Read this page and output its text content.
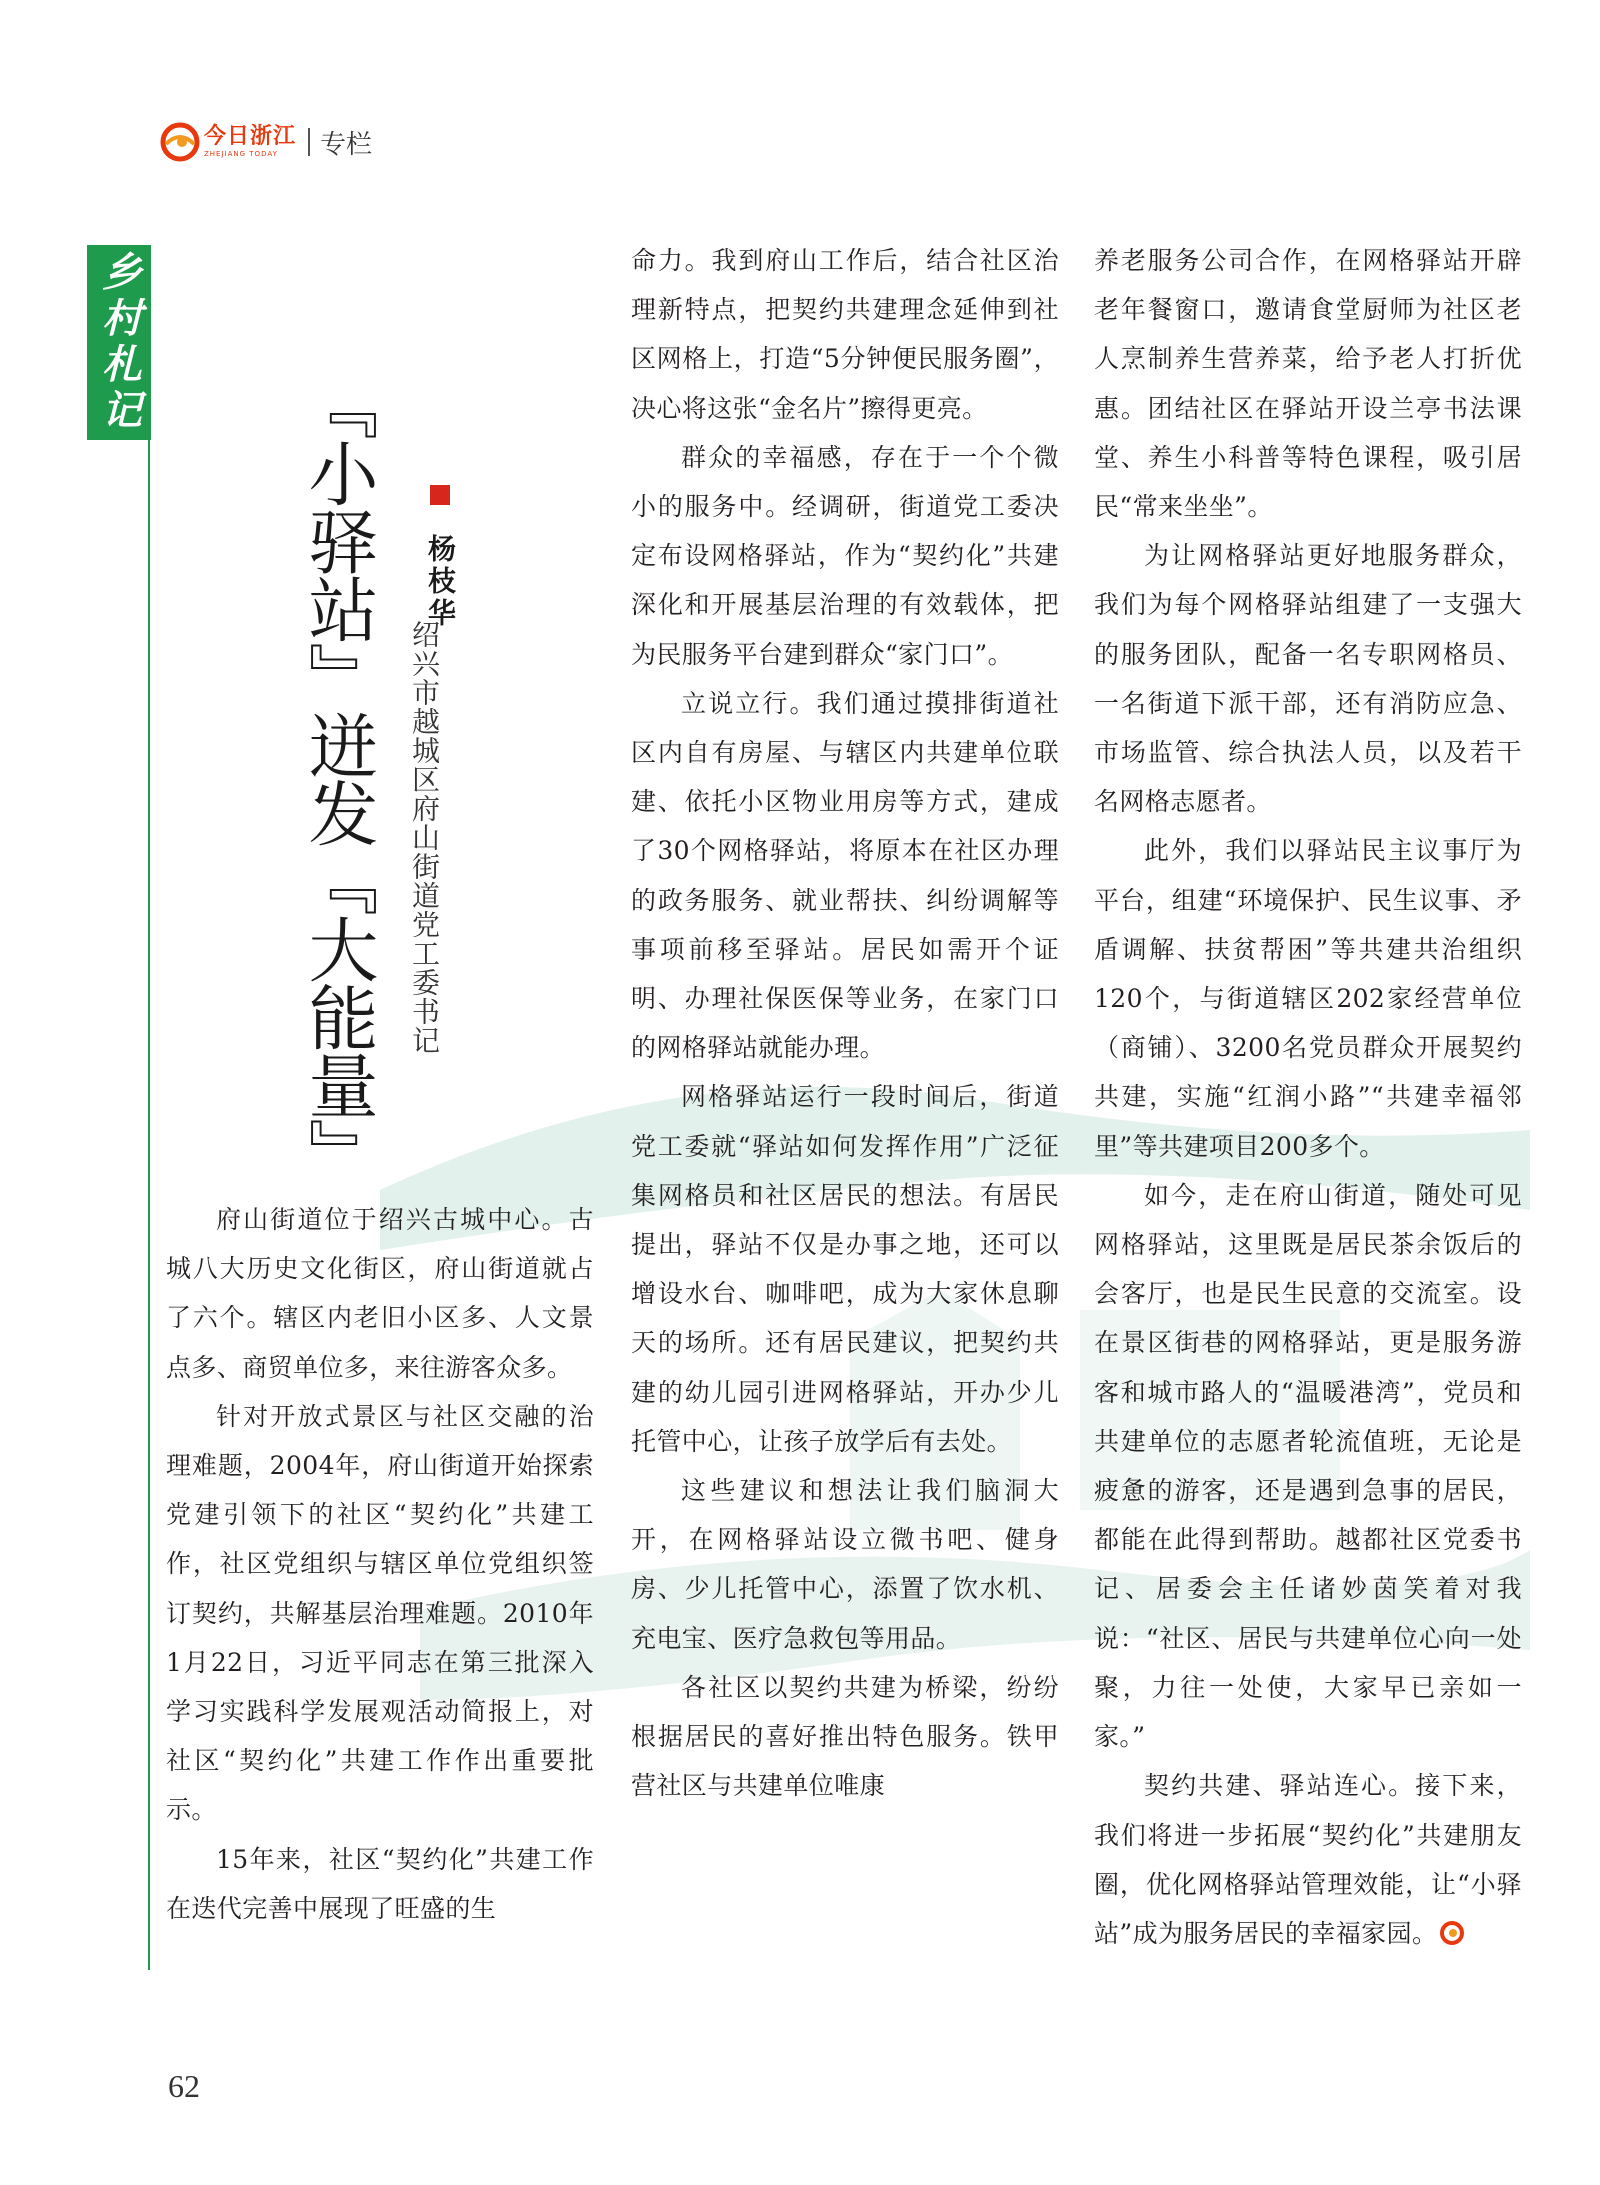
今日浙江
ZHEJIANG TODAY	专栏
乡村札记
『小驿站』迸发『大能量』	杨枝华
绍兴市越城区府山街道党工委书记

府山街道位于绍兴古城中心。古城八大历史文化街区，府山街道就占了六个。辖区内老旧小区多、人文景点多、商贸单位多，来往游客众多。

针对开放式景区与社区交融的治理难题，2004年，府山街道开始探索党建引领下的社区“契约化”共建工作，社区党组织与辖区单位党组织签订契约，共解基层治理难题。2010年1月22日，习近平同志在第三批深入学习实践科学发展观活动简报上，对社区“契约化”共建工作作出重要批示。

15年来，社区“契约化”共建工作在迭代完善中展现了旺盛的生

命力。我到府山工作后，结合社区治理新特点，把契约共建理念延伸到社区网格上，打造“5分钟便民服务圈”，决心将这张“金名片”擦得更亮。

群众的幸福感，存在于一个个微小的服务中。经调研，街道党工委决定布设网格驿站，作为“契约化”共建深化和开展基层治理的有效载体，把为民服务平台建到群众“家门口”。

立说立行。我们通过摸排街道社区内自有房屋、与辖区内共建单位联建、依托小区物业用房等方式，建成了30个网格驿站，将原本在社区办理的政务服务、就业帮扶、纠纷调解等事项前移至驿站。居民如需开个证明、办理社保医保等业务，在家门口的网格驿站就能办理。

网格驿站运行一段时间后，街道党工委就“驿站如何发挥作用”广泛征集网格员和社区居民的想法。有居民提出，驿站不仅是办事之地，还可以增设水台、咖啡吧，成为大家休息聊天的场所。还有居民建议，把契约共建的幼儿园引进网格驿站，开办少儿托管中心，让孩子放学后有去处。

这些建议和想法让我们脑洞大开，在网格驿站设立微书吧、健身房、少儿托管中心，添置了饮水机、充电宝、医疗急救包等用品。

各社区以契约共建为桥梁，纷纷根据居民的喜好推出特色服务。铁甲营社区与共建单位唯康

养老服务公司合作，在网格驿站开辟老年餐窗口，邀请食堂厨师为社区老人烹制养生营养菜，给予老人打折优惠。团结社区在驿站开设兰亭书法课堂、养生小科普等特色课程，吸引居民“常来坐坐”。

为让网格驿站更好地服务群众，我们为每个网格驿站组建了一支强大的服务团队，配备一名专职网格员、一名街道下派干部，还有消防应急、市场监管、综合执法人员，以及若干名网格志愿者。

此外，我们以驿站民主议事厅为平台，组建“环境保护、民生议事、矛盾调解、扶贫帮困”等共建共治组织120个，与街道辖区202家经营单位（商铺）、3200名党员群众开展契约共建，实施“红润小路”“共建幸福邻里”等共建项目200多个。

如今，走在府山街道，随处可见网格驿站，这里既是居民茶余饭后的会客厅，也是民生民意的交流室。设在景区街巷的网格驿站，更是服务游客和城市路人的“温暖港湾”，党员和共建单位的志愿者轮流值班，无论是疲惫的游客，还是遇到急事的居民，都能在此得到帮助。越都社区党委书记、居委会主任诸妙茵笑着对我说：“社区、居民与共建单位心向一处聚，力往一处使，大家早已亲如一家。”

契约共建、驿站连心。接下来，我们将进一步拓展“契约化”共建朋友圈，优化网格驿站管理效能，让“小驿站”成为服务居民的幸福家园。

62
